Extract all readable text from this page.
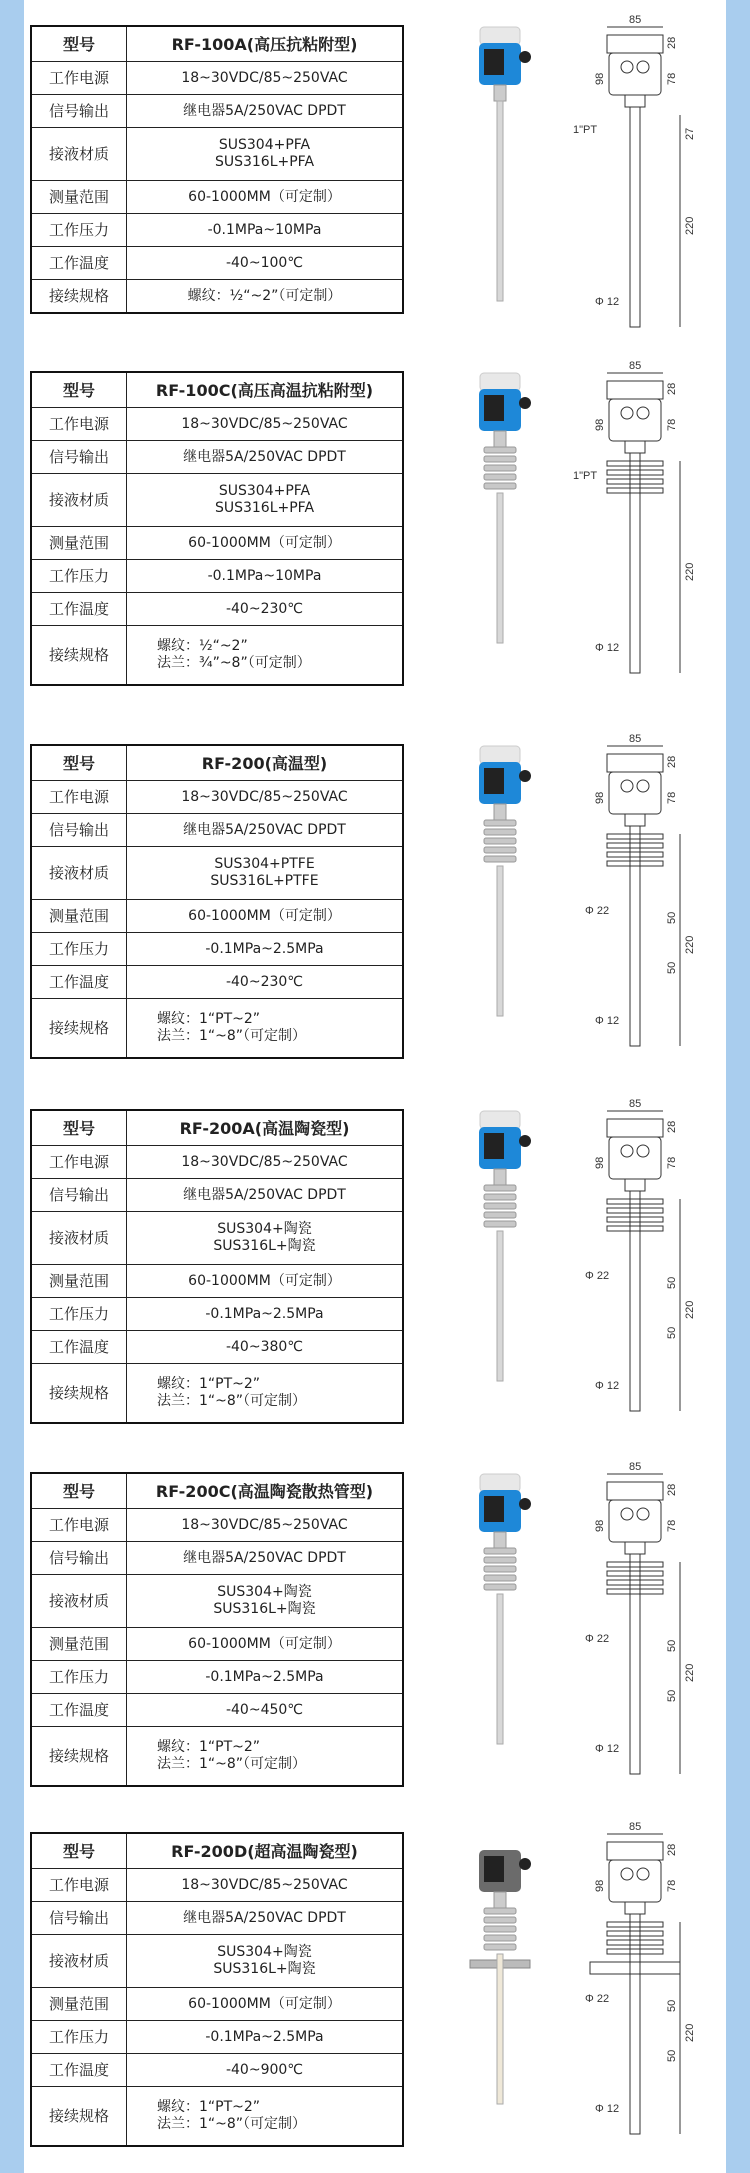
型号	RF-100A(高压抗粘附型)
工作电源	18~30VDC/85~250VAC
信号输出	继电器5A/250VAC DPDT
接液材质	SUS304+PFA
SUS316L+PFA

测量范围	60-1000MM（可定制）
工作压力	-0.1MPa~10MPa
工作温度	-40~100℃
接续规格	螺纹：½“~2”（可定制）
85
28
78
98
220
Φ 12
1"PT	27
型号	RF-100C(高压高温抗粘附型)
工作电源	18~30VDC/85~250VAC
信号输出	继电器5A/250VAC DPDT
接液材质	SUS304+PFA
SUS316L+PFA

测量范围	60-1000MM（可定制）
工作压力	-0.1MPa~10MPa
工作温度	-40~230℃
接续规格	螺纹：½“~2”
法兰：¾”~8”（可定制）
85
28
78
98
220
Φ 12
1"PT
型号	RF-200(高温型)
工作电源	18~30VDC/85~250VAC
信号输出	继电器5A/250VAC DPDT
接液材质	SUS304+PTFE
SUS316L+PTFE

测量范围	60-1000MM（可定制）
工作压力	-0.1MPa~2.5MPa
工作温度	-40~230℃
接续规格	螺纹：1“PT~2”
法兰：1“~8”（可定制）
85
28
78
98
220
Φ 12
Φ 22
50
50
型号	RF-200A(高温陶瓷型)
工作电源	18~30VDC/85~250VAC
信号输出	继电器5A/250VAC DPDT
接液材质	SUS304+陶瓷
SUS316L+陶瓷

测量范围	60-1000MM（可定制）
工作压力	-0.1MPa~2.5MPa
工作温度	-40~380℃
接续规格	螺纹：1“PT~2”
法兰：1“~8”（可定制）
85
28
78
98
220
Φ 12
Φ 22
50
50
型号	RF-200C(高温陶瓷散热管型)
工作电源	18~30VDC/85~250VAC
信号输出	继电器5A/250VAC DPDT
接液材质	SUS304+陶瓷
SUS316L+陶瓷

测量范围	60-1000MM（可定制）
工作压力	-0.1MPa~2.5MPa
工作温度	-40~450℃
接续规格	螺纹：1“PT~2”
法兰：1“~8”（可定制）
85
28
78
98
220
Φ 12
Φ 22
50
50
型号	RF-200D(超高温陶瓷型)
工作电源	18~30VDC/85~250VAC
信号输出	继电器5A/250VAC DPDT
接液材质	SUS304+陶瓷
SUS316L+陶瓷

测量范围	60-1000MM（可定制）
工作压力	-0.1MPa~2.5MPa
工作温度	-40~900℃
接续规格	螺纹：1“PT~2”
法兰：1“~8”（可定制）
85
28
78
98
220
Φ 12
Φ 22
50
50
